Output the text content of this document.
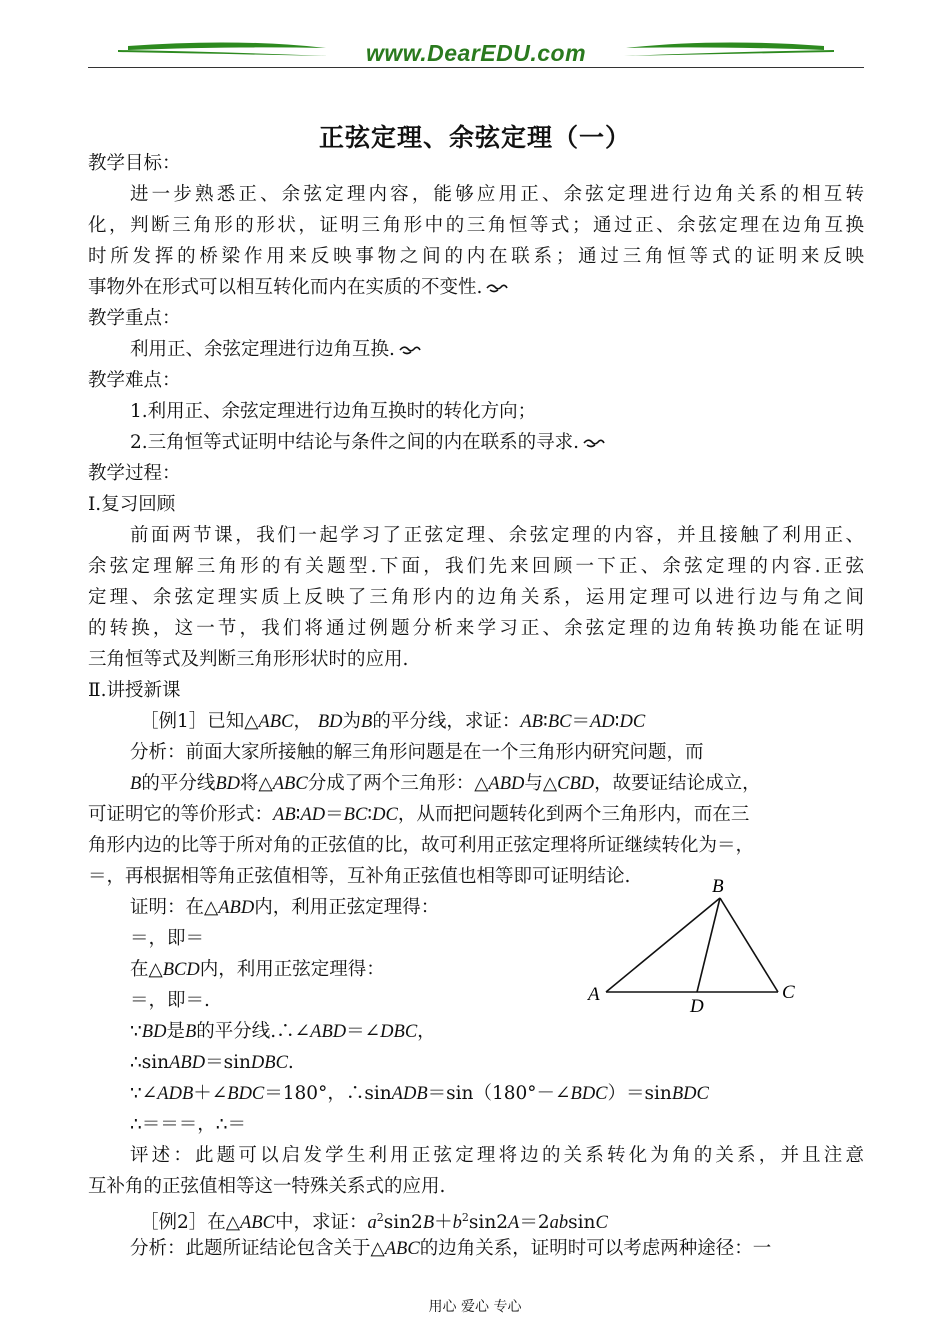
www.DearEDU.com
正弦定理、余弦定理（一）
教学目标：
进一步熟悉正、余弦定理内容，能够应用正、余弦定理进行边角关系的相互转
化，判断三角形的形状，证明三角形中的三角恒等式；通过正、余弦定理在边角互换
时所发挥的桥梁作用来反映事物之间的内在联系；通过三角恒等式的证明来反映
事物外在形式可以相互转化而内在实质的不变性.
教学重点：
利用正、余弦定理进行边角互换.
教学难点：
1.利用正、余弦定理进行边角互换时的转化方向；
2.三角恒等式证明中结论与条件之间的内在联系的寻求.
教学过程：
Ⅰ.复习回顾
前面两节课，我们一起学习了正弦定理、余弦定理的内容，并且接触了利用正、
余弦定理解三角形的有关题型.下面，我们先来回顾一下正、余弦定理的内容.正弦
定理、余弦定理实质上反映了三角形内的边角关系，运用定理可以进行边与角之间
的转换，这一节，我们将通过例题分析来学习正、余弦定理的边角转换功能在证明
三角恒等式及判断三角形形状时的应用.
Ⅱ.讲授新课
［例1］已知△ABC， BD为B的平分线，求证：AB∶BC＝AD∶DC
分析：前面大家所接触的解三角形问题是在一个三角形内研究问题，而
B的平分线BD将△ABC分成了两个三角形：△ABD与△CBD，故要证结论成立，
可证明它的等价形式：AB∶AD＝BC∶DC，从而把问题转化到两个三角形内，而在三
角形内边的比等于所对角的正弦值的比，故可利用正弦定理将所证继续转化为＝，
＝，再根据相等角正弦值相等，互补角正弦值也相等即可证明结论.
证明：在△ABD内，利用正弦定理得：
＝，即＝
在△BCD内，利用正弦定理得：
＝，即＝.
∵BD是B的平分线.∴∠ABD＝∠DBC，
∴sinABD＝sinDBC.
∵∠ADB＋∠BDC＝180°，∴sinADB＝sin（180°－∠BDC）＝sinBDC
∴＝＝＝，∴＝
A
B
C
D
评述：此题可以启发学生利用正弦定理将边的关系转化为角的关系，并且注意
互补角的正弦值相等这一特殊关系式的应用.
［例2］在△ABC中，求证：$a^2\sin 2B+b^2\sin 2A=2absinC$
分析：此题所证结论包含关于△ABC的边角关系，证明时可以考虑两种途径：一
用心 爱心 专心
